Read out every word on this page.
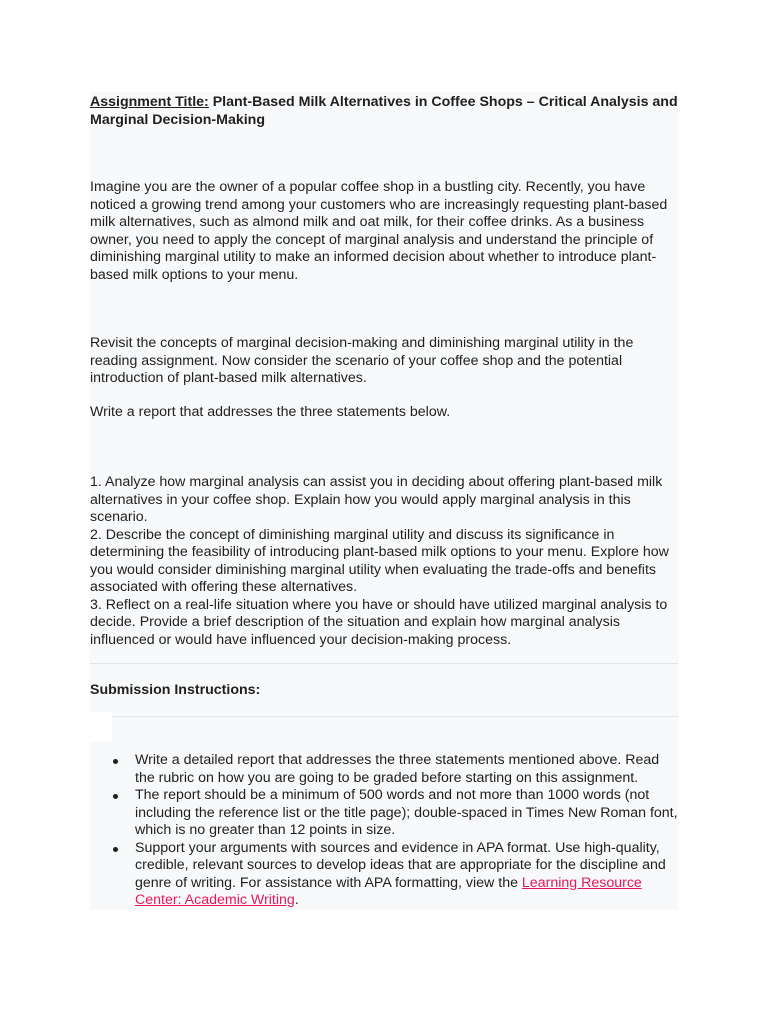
Assignment Title: Plant-Based Milk Alternatives in Coffee Shops – Critical Analysis and Marginal Decision-Making

Imagine you are the owner of a popular coffee shop in a bustling city. Recently, you have noticed a growing trend among your customers who are increasingly requesting plant-based milk alternatives, such as almond milk and oat milk, for their coffee drinks. As a business owner, you need to apply the concept of marginal analysis and understand the principle of diminishing marginal utility to make an informed decision about whether to introduce plant-based milk options to your menu.

Revisit the concepts of marginal decision-making and diminishing marginal utility in the reading assignment. Now consider the scenario of your coffee shop and the potential introduction of plant-based milk alternatives.

Write a report that addresses the three statements below.

1. Analyze how marginal analysis can assist you in deciding about offering plant-based milk alternatives in your coffee shop. Explain how you would apply marginal analysis in this scenario.
2. Describe the concept of diminishing marginal utility and discuss its significance in determining the feasibility of introducing plant-based milk options to your menu. Explore how you would consider diminishing marginal utility when evaluating the trade-offs and benefits associated with offering these alternatives.
3. Reflect on a real-life situation where you have or should have utilized marginal analysis to decide. Provide a brief description of the situation and explain how marginal analysis influenced or would have influenced your decision-making process.
Submission Instructions:
Write a detailed report that addresses the three statements mentioned above. Read the rubric on how you are going to be graded before starting on this assignment.
The report should be a minimum of 500 words and not more than 1000 words (not including the reference list or the title page); double-spaced in Times New Roman font, which is no greater than 12 points in size.
Support your arguments with sources and evidence in APA format. Use high-quality, credible, relevant sources to develop ideas that are appropriate for the discipline and genre of writing. For assistance with APA formatting, view the Learning Resource Center: Academic Writing.
